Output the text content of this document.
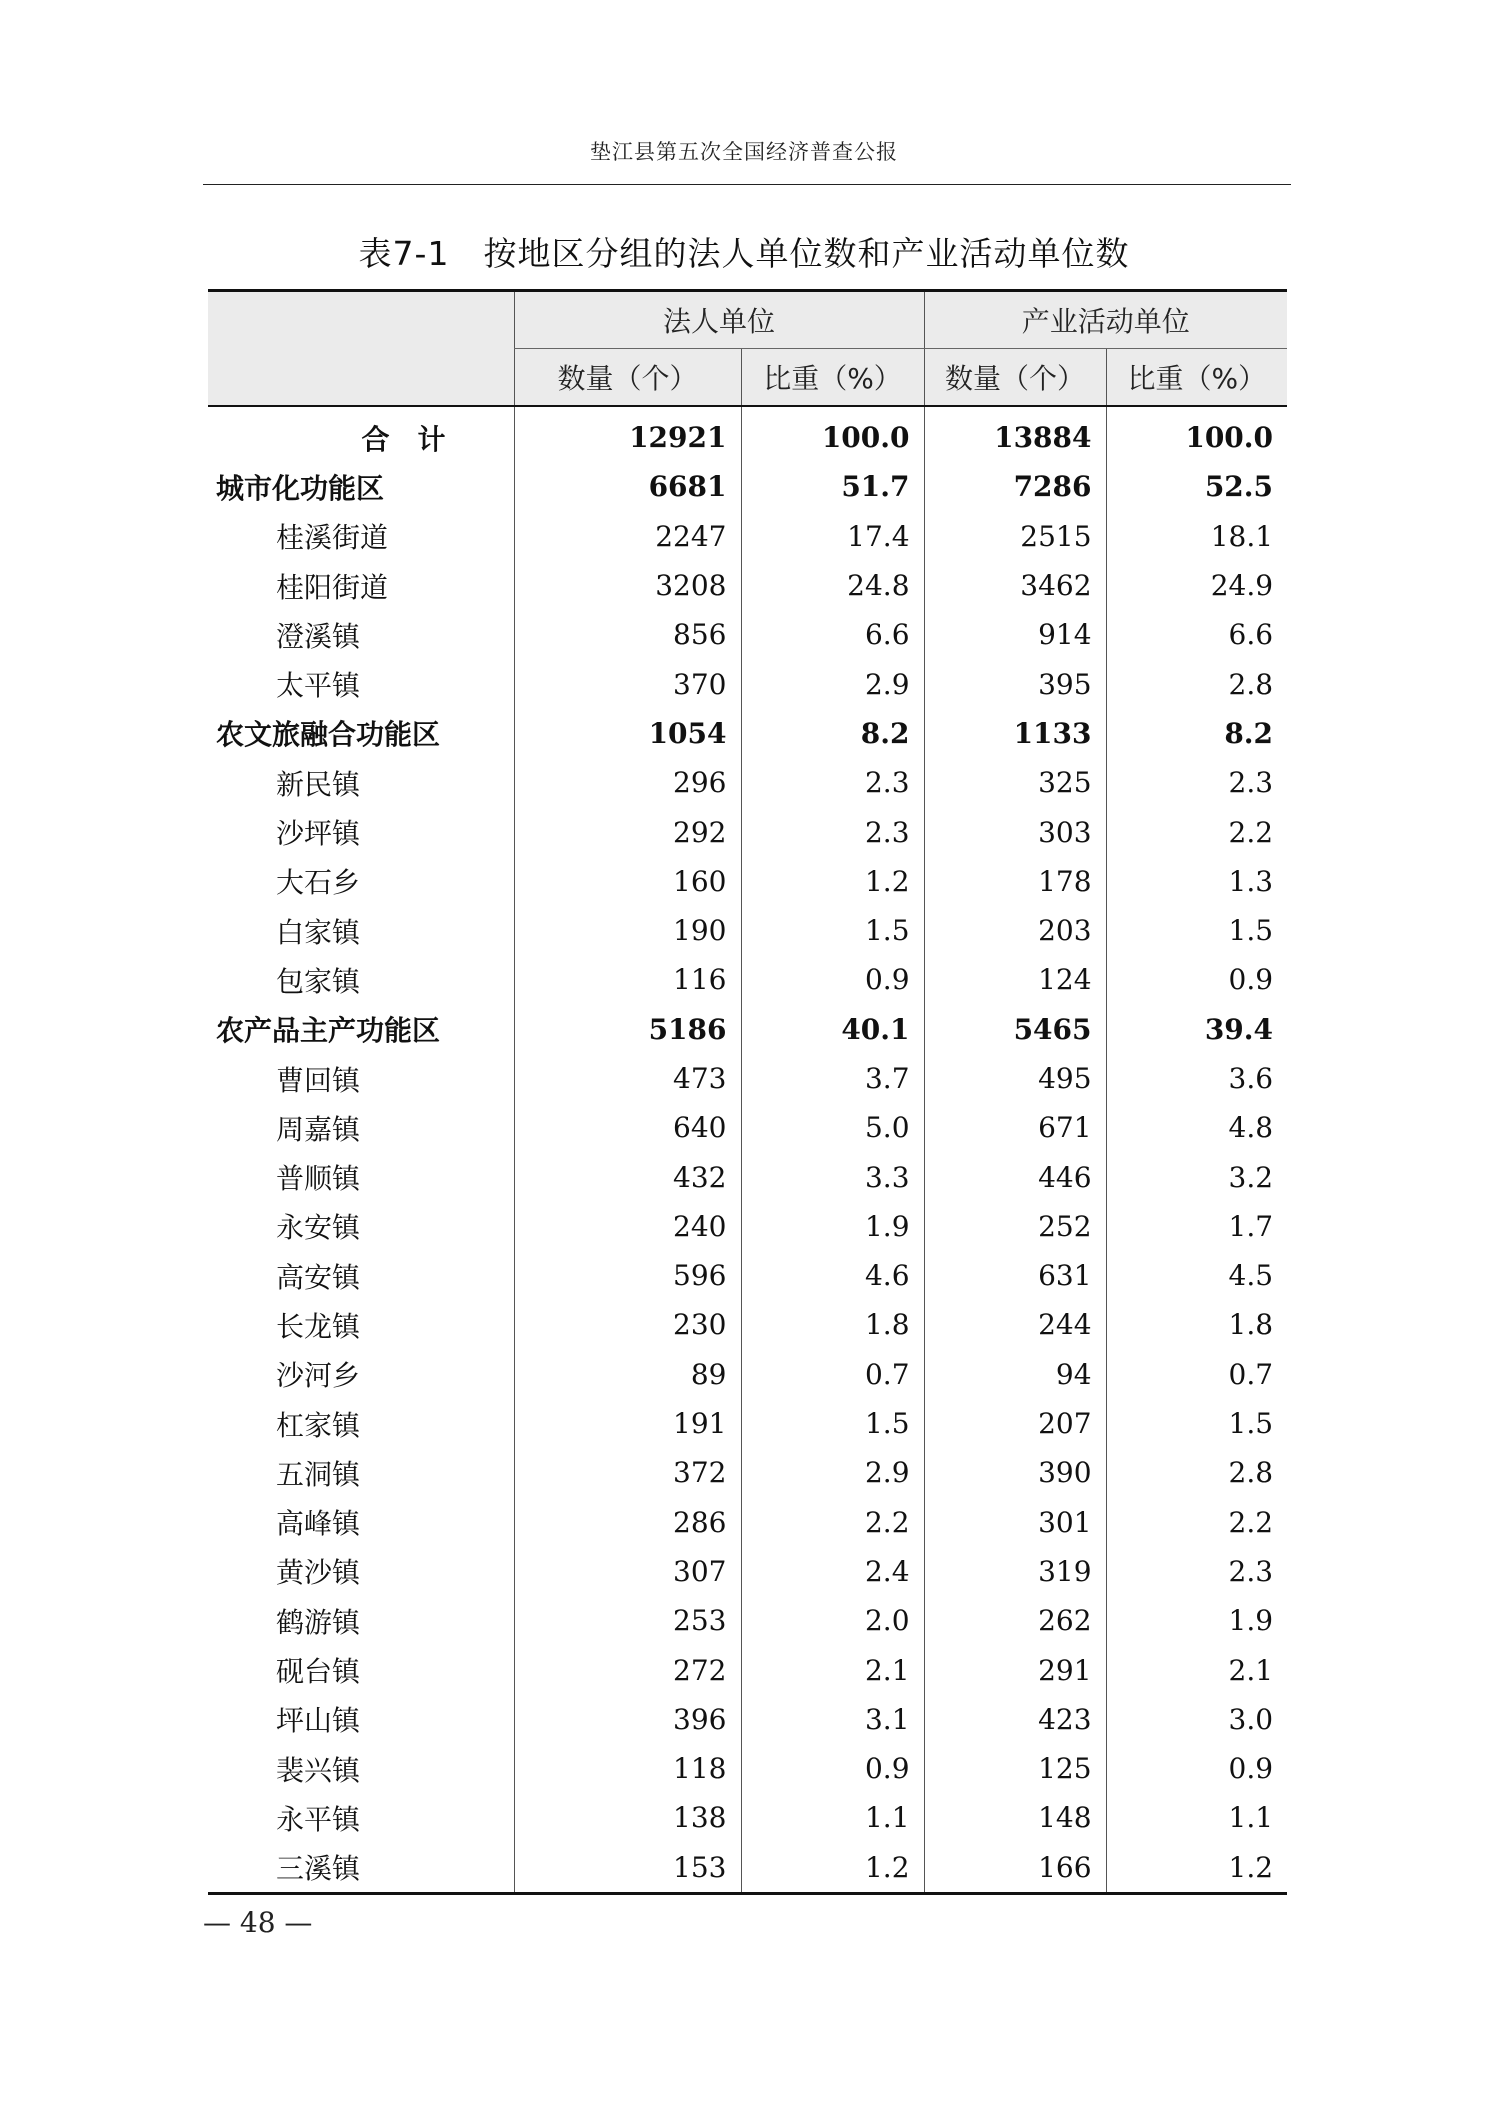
垫江县第五次全国经济普查公报
表7-1 按地区分组的法人单位数和产业活动单位数
	法人单位		产业活动单位	
	数量（个）	比重（%）	数量（个）	比重（%）
合计	12921	100.0	13884	100.0
城市化功能区	6681	51.7	7286	52.5
桂溪街道	2247	17.4	2515	18.1
桂阳街道	3208	24.8	3462	24.9
澄溪镇	856	6.6	914	6.6
太平镇	370	2.9	395	2.8
农文旅融合功能区	1054	8.2	1133	8.2
新民镇	296	2.3	325	2.3
沙坪镇	292	2.3	303	2.2
大石乡	160	1.2	178	1.3
白家镇	190	1.5	203	1.5
包家镇	116	0.9	124	0.9
农产品主产功能区	5186	40.1	5465	39.4
曹回镇	473	3.7	495	3.6
周嘉镇	640	5.0	671	4.8
普顺镇	432	3.3	446	3.2
永安镇	240	1.9	252	1.7
高安镇	596	4.6	631	4.5
长龙镇	230	1.8	244	1.8
沙河乡	89	0.7	94	0.7
杠家镇	191	1.5	207	1.5
五洞镇	372	2.9	390	2.8
高峰镇	286	2.2	301	2.2
黄沙镇	307	2.4	319	2.3
鹤游镇	253	2.0	262	1.9
砚台镇	272	2.1	291	2.1
坪山镇	396	3.1	423	3.0
裴兴镇	118	0.9	125	0.9
永平镇	138	1.1	148	1.1
三溪镇	153	1.2	166	1.2
— 48 —
